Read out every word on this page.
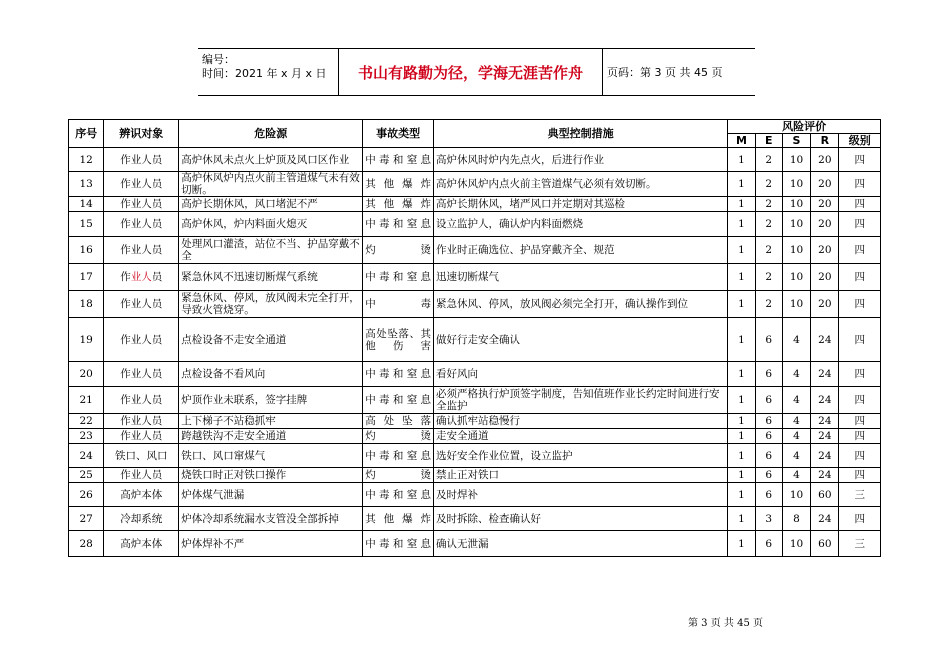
编号：
时间：2021 年 x 月 x 日	书山有路勤为径，学海无涯苦作舟	页码：第 3 页 共 45 页
序号	辨识对象	危险源	事故类型	典型控制措施	风险评价				
					M	E	S	R	级别
12	作业人员	高炉休风未点火上炉顶及风口区作业	中毒和窒息	高炉休风时炉内先点火，后进行作业	1	2	10	20	四
13	作业人员	高炉休风炉内点火前主管道煤气未有效切断。	其他爆炸	高炉休风炉内点火前主管道煤气必须有效切断。	1	2	10	20	四
14	作业人员	高炉长期休风，风口堵泥不严	其他爆炸	高炉长期休风，堵严风口并定期对其巡检	1	2	10	20	四
15	作业人员	高炉休风，炉内料面火熄灭	中毒和窒息	设立监护人，确认炉内料面燃烧	1	2	10	20	四
16	作业人员	处理风口灌渣，站位不当、护品穿戴不全	灼烫	作业时正确选位、护品穿戴齐全、规范	1	2	10	20	四
17	作业人员	紧急休风不迅速切断煤气系统	中毒和窒息	迅速切断煤气	1	2	10	20	四
18	作业人员	紧急休风、停风，放风阀未完全打开，导致火管烧穿。	中毒	紧急休风、停风，放风阀必须完全打开，确认操作到位	1	2	10	20	四
19	作业人员	点检设备不走安全通道	高处坠落、其他伤害	做好行走安全确认	1	6	4	24	四
20	作业人员	点检设备不看风向	中毒和窒息	看好风向	1	6	4	24	四
21	作业人员	炉顶作业未联系，签字挂牌	中毒和窒息	必须严格执行炉顶签字制度，告知值班作业长约定时间进行安全监护	1	6	4	24	四
22	作业人员	上下梯子不站稳抓牢	高处坠落	确认抓牢站稳慢行	1	6	4	24	四
23	作业人员	跨越铁沟不走安全通道	灼烫	走安全通道	1	6	4	24	四
24	铁口、风口	铁口、风口窜煤气	中毒和窒息	选好安全作业位置，设立监护	1	6	4	24	四
25	作业人员	烧铁口时正对铁口操作	灼烫	禁止正对铁口	1	6	4	24	四
26	高炉本体	炉体煤气泄漏	中毒和窒息	及时焊补	1	6	10	60	三
27	冷却系统	炉体冷却系统漏水支管没全部拆掉	其他爆炸	及时拆除、检查确认好	1	3	8	24	四
28	高炉本体	炉体焊补不严	中毒和窒息	确认无泄漏	1	6	10	60	三
第 3 页 共 45 页
